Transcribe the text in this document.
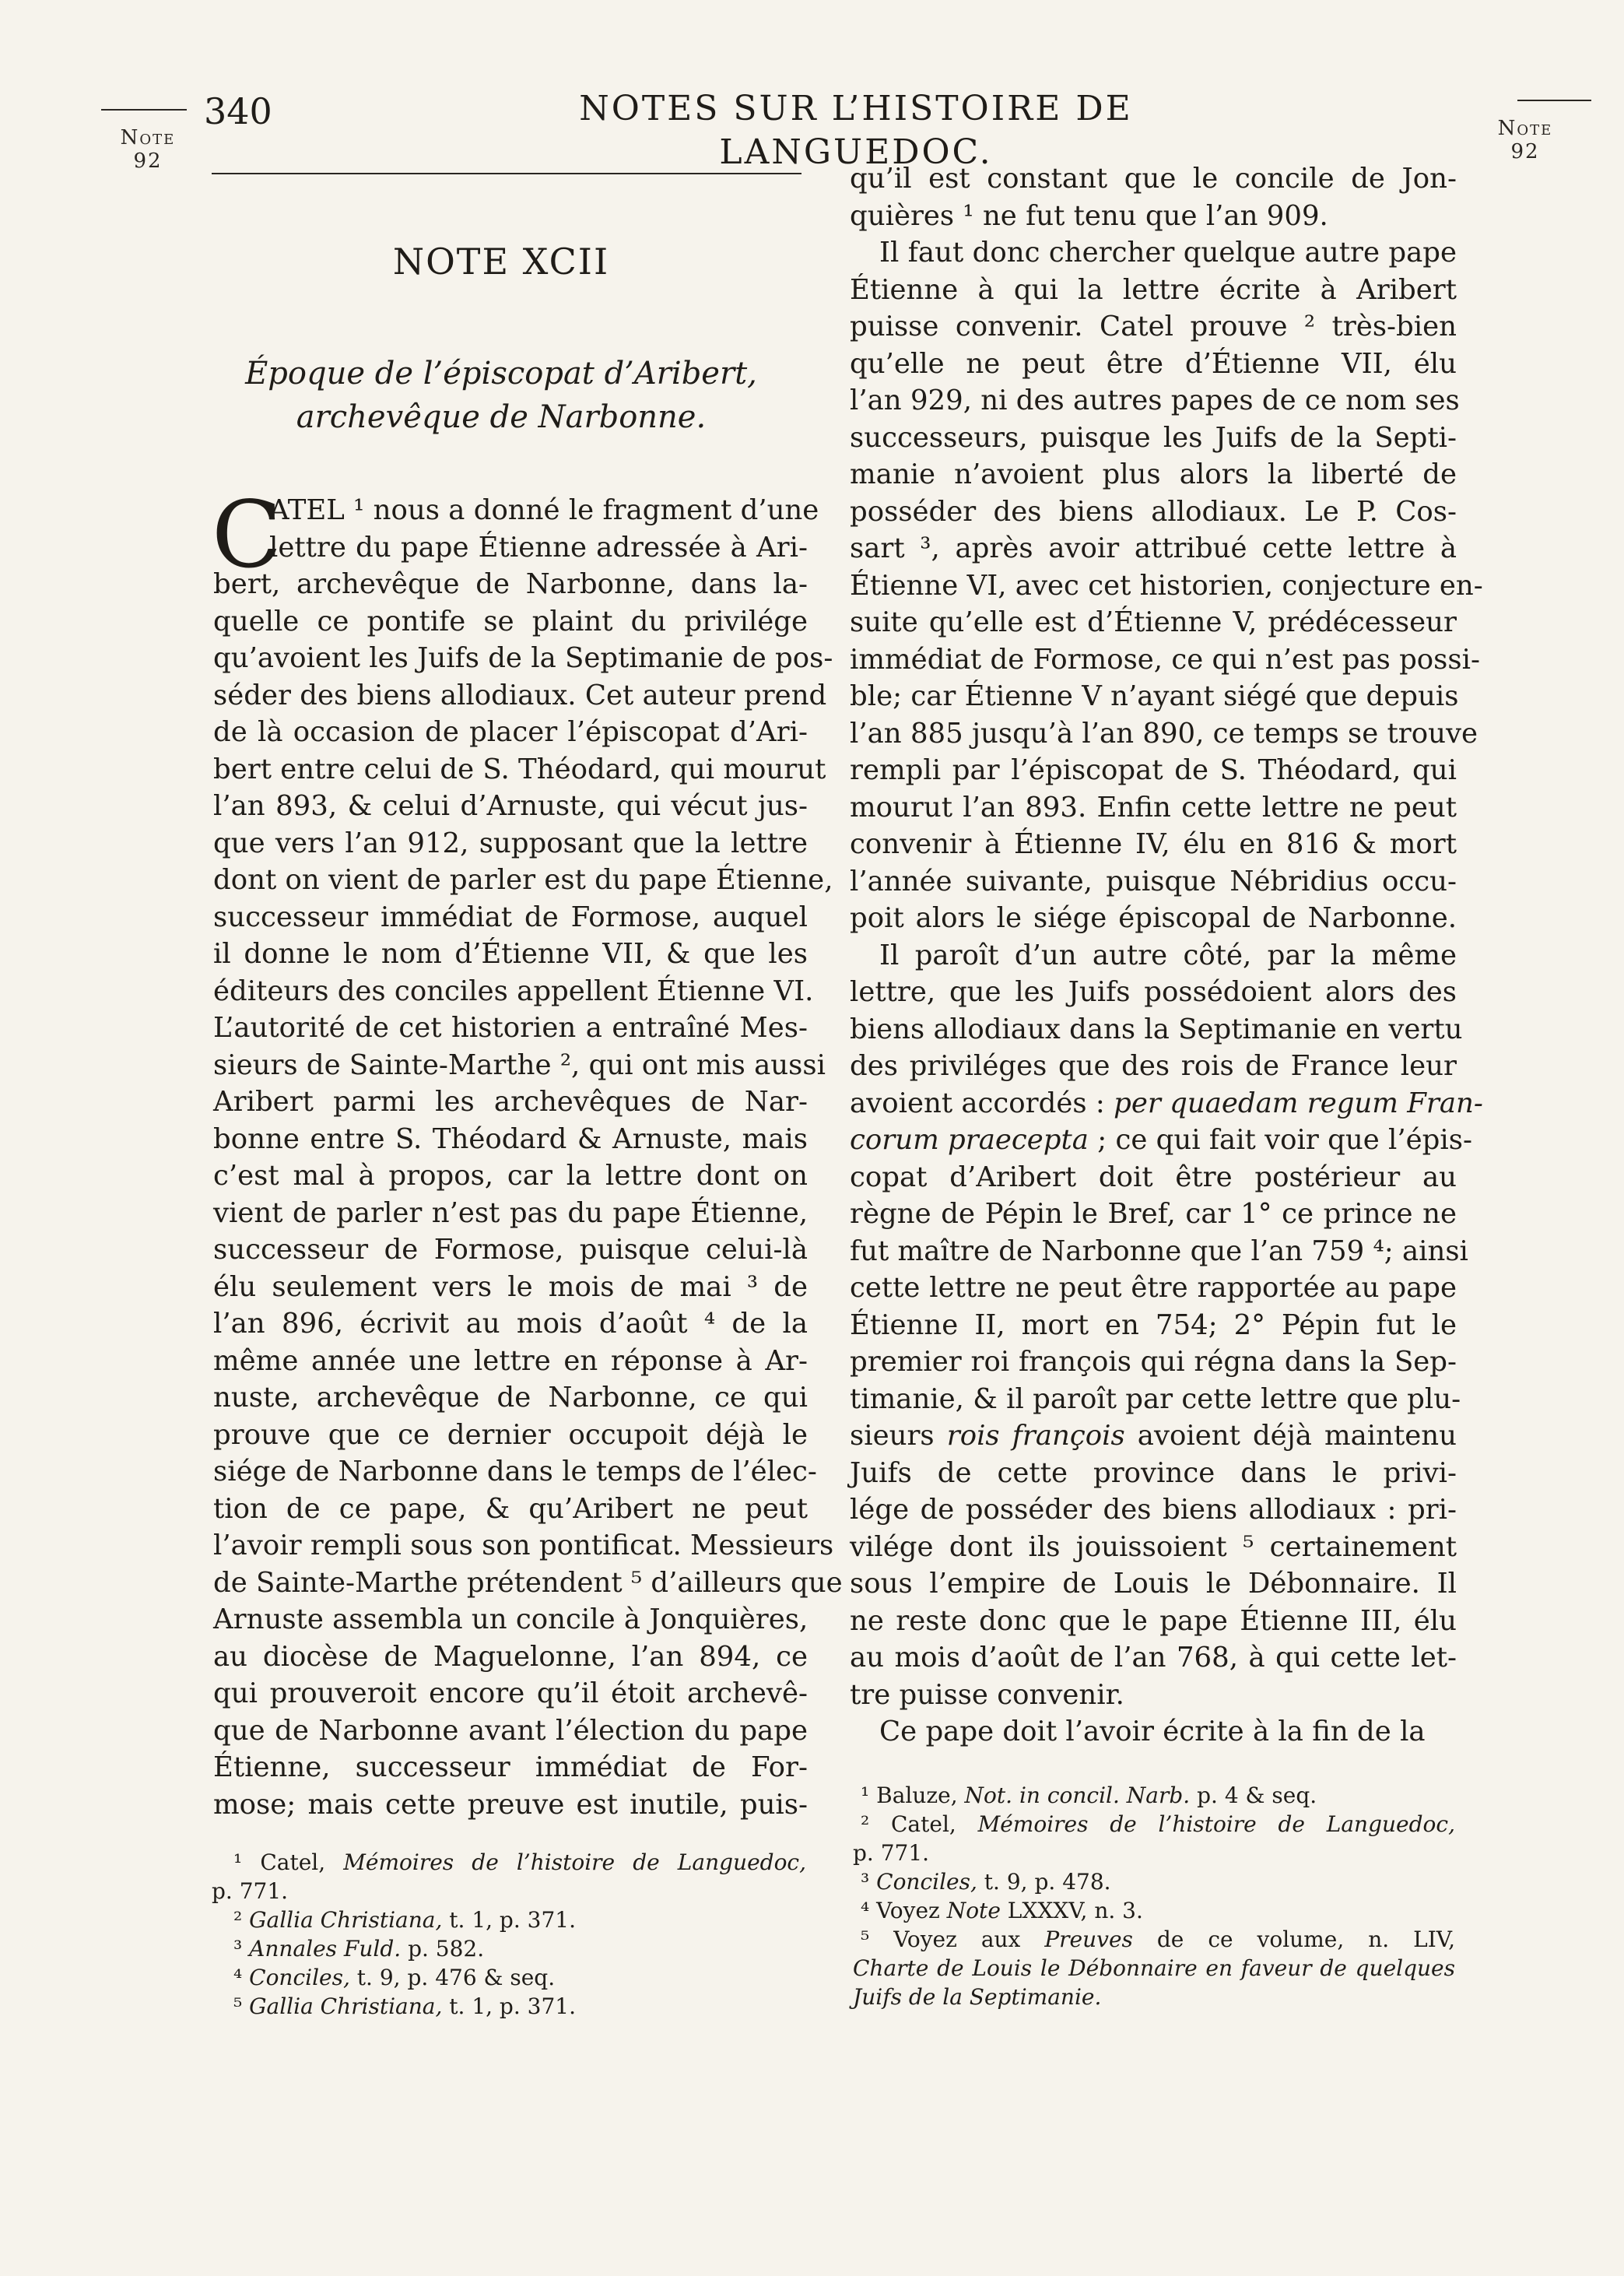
Note
92
Note
92
340	NOTES SUR L’HISTOIRE DE LANGUEDOC.
NOTE XCII
Époque de l’épiscopat d’Aribert,
archevêque de Narbonne.
C
ATEL ¹ nous a donné le fragment d’une
lettre du pape Étienne adressée à Ari-
bert, archevêque de Narbonne, dans la-
quelle ce pontife se plaint du privilége
qu’avoient les Juifs de la Septimanie de pos-
séder des biens allodiaux. Cet auteur prend
de là occasion de placer l’épiscopat d’Ari-
bert entre celui de S. Théodard, qui mourut
l’an 893, & celui d’Arnuste, qui vécut jus-
que vers l’an 912, supposant que la lettre
dont on vient de parler est du pape Étienne,
successeur immédiat de Formose, auquel
il donne le nom d’Étienne VII, & que les
éditeurs des conciles appellent Étienne VI.
L’autorité de cet historien a entraîné Mes-
sieurs de Sainte-Marthe ², qui ont mis aussi
Aribert parmi les archevêques de Nar-
bonne entre S. Théodard & Arnuste, mais
c’est mal à propos, car la lettre dont on
vient de parler n’est pas du pape Étienne,
successeur de Formose, puisque celui-là
élu seulement vers le mois de mai ³ de
l’an 896, écrivit au mois d’août ⁴ de la
même année une lettre en réponse à Ar-
nuste, archevêque de Narbonne, ce qui
prouve que ce dernier occupoit déjà le
siége de Narbonne dans le temps de l’élec-
tion de ce pape, & qu’Aribert ne peut
l’avoir rempli sous son pontificat. Messieurs
de Sainte-Marthe prétendent ⁵ d’ailleurs que
Arnuste assembla un concile à Jonquières,
au diocèse de Maguelonne, l’an 894, ce
qui prouveroit encore qu’il étoit archevê-
que de Narbonne avant l’élection du pape
Étienne, successeur immédiat de For-
mose; mais cette preuve est inutile, puis-
¹ Catel, Mémoires de l’histoire de Languedoc,
p. 771.
² Gallia Christiana, t. 1, p. 371.
³ Annales Fuld. p. 582.
⁴ Conciles, t. 9, p. 476 & seq.
⁵ Gallia Christiana, t. 1, p. 371.
qu’il est constant que le concile de Jon-
quières ¹ ne fut tenu que l’an 909.
Il faut donc chercher quelque autre pape
Étienne à qui la lettre écrite à Aribert
puisse convenir. Catel prouve ² très-bien
qu’elle ne peut être d’Étienne VII, élu
l’an 929, ni des autres papes de ce nom ses
successeurs, puisque les Juifs de la Septi-
manie n’avoient plus alors la liberté de
posséder des biens allodiaux. Le P. Cos-
sart ³, après avoir attribué cette lettre à
Étienne VI, avec cet historien, conjecture en-
suite qu’elle est d’Étienne V, prédécesseur
immédiat de Formose, ce qui n’est pas possi-
ble; car Étienne V n’ayant siégé que depuis
l’an 885 jusqu’à l’an 890, ce temps se trouve
rempli par l’épiscopat de S. Théodard, qui
mourut l’an 893. Enfin cette lettre ne peut
convenir à Étienne IV, élu en 816 & mort
l’année suivante, puisque Nébridius occu-
poit alors le siége épiscopal de Narbonne.
Il paroît d’un autre côté, par la même
lettre, que les Juifs possédoient alors des
biens allodiaux dans la Septimanie en vertu
des priviléges que des rois de France leur
avoient accordés : per quaedam regum Fran-
corum praecepta ; ce qui fait voir que l’épis-
copat d’Aribert doit être postérieur au
règne de Pépin le Bref, car 1° ce prince ne
fut maître de Narbonne que l’an 759 ⁴; ainsi
cette lettre ne peut être rapportée au pape
Étienne II, mort en 754; 2° Pépin fut le
premier roi françois qui régna dans la Sep-
timanie, & il paroît par cette lettre que plu-
sieurs rois françois avoient déjà maintenu
Juifs de cette province dans le privi-
lége de posséder des biens allodiaux : pri-
vilége dont ils jouissoient ⁵ certainement
sous l’empire de Louis le Débonnaire. Il
ne reste donc que le pape Étienne III, élu
au mois d’août de l’an 768, à qui cette let-
tre puisse convenir.
Ce pape doit l’avoir écrite à la fin de la
¹ Baluze, Not. in concil. Narb. p. 4 & seq.
² Catel, Mémoires de l’histoire de Languedoc,
p. 771.
³ Conciles, t. 9, p. 478.
⁴ Voyez Note LXXXV, n. 3.
⁵ Voyez aux Preuves de ce volume, n. LIV,
Charte de Louis le Débonnaire en faveur de quelques
Juifs de la Septimanie.
